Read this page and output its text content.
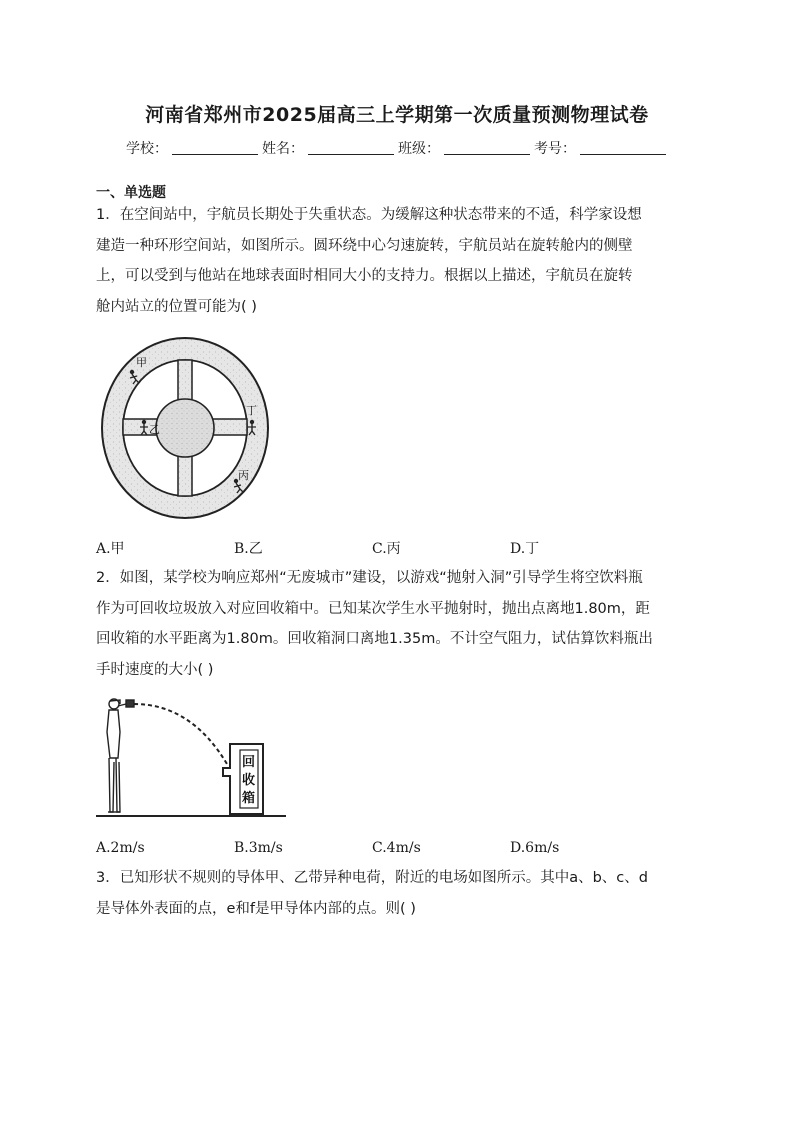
河南省郑州市2025届高三上学期第一次质量预测物理试卷
学校：	姓名：	班级：	考号：
一、单选题
1．在空间站中，宇航员长期处于失重状态。为缓解这种状态带来的不适，科学家设想
建造一种环形空间站，如图所示。圆环绕中心匀速旋转，宇航员站在旋转舱内的侧壁
上，可以受到与他站在地球表面时相同大小的支持力。根据以上描述，宇航员在旋转
舱内站立的位置可能为( )
甲
乙
丁
丙
A.甲	B.乙	C.丙	D.丁
2．如图，某学校为响应郑州“无废城市”建设，以游戏“抛射入洞”引导学生将空饮料瓶
作为可回收垃圾放入对应回收箱中。已知某次学生水平抛射时，抛出点离地1.80m，距
回收箱的水平距离为1.80m。回收箱洞口离地1.35m。不计空气阻力，试估算饮料瓶出
手时速度的大小( )
回
收
箱
A.2m/s	B.3m/s	C.4m/s	D.6m/s
3．已知形状不规则的导体甲、乙带异种电荷，附近的电场如图所示。其中a、b、c、d
是导体外表面的点，e和f是甲导体内部的点。则( )
